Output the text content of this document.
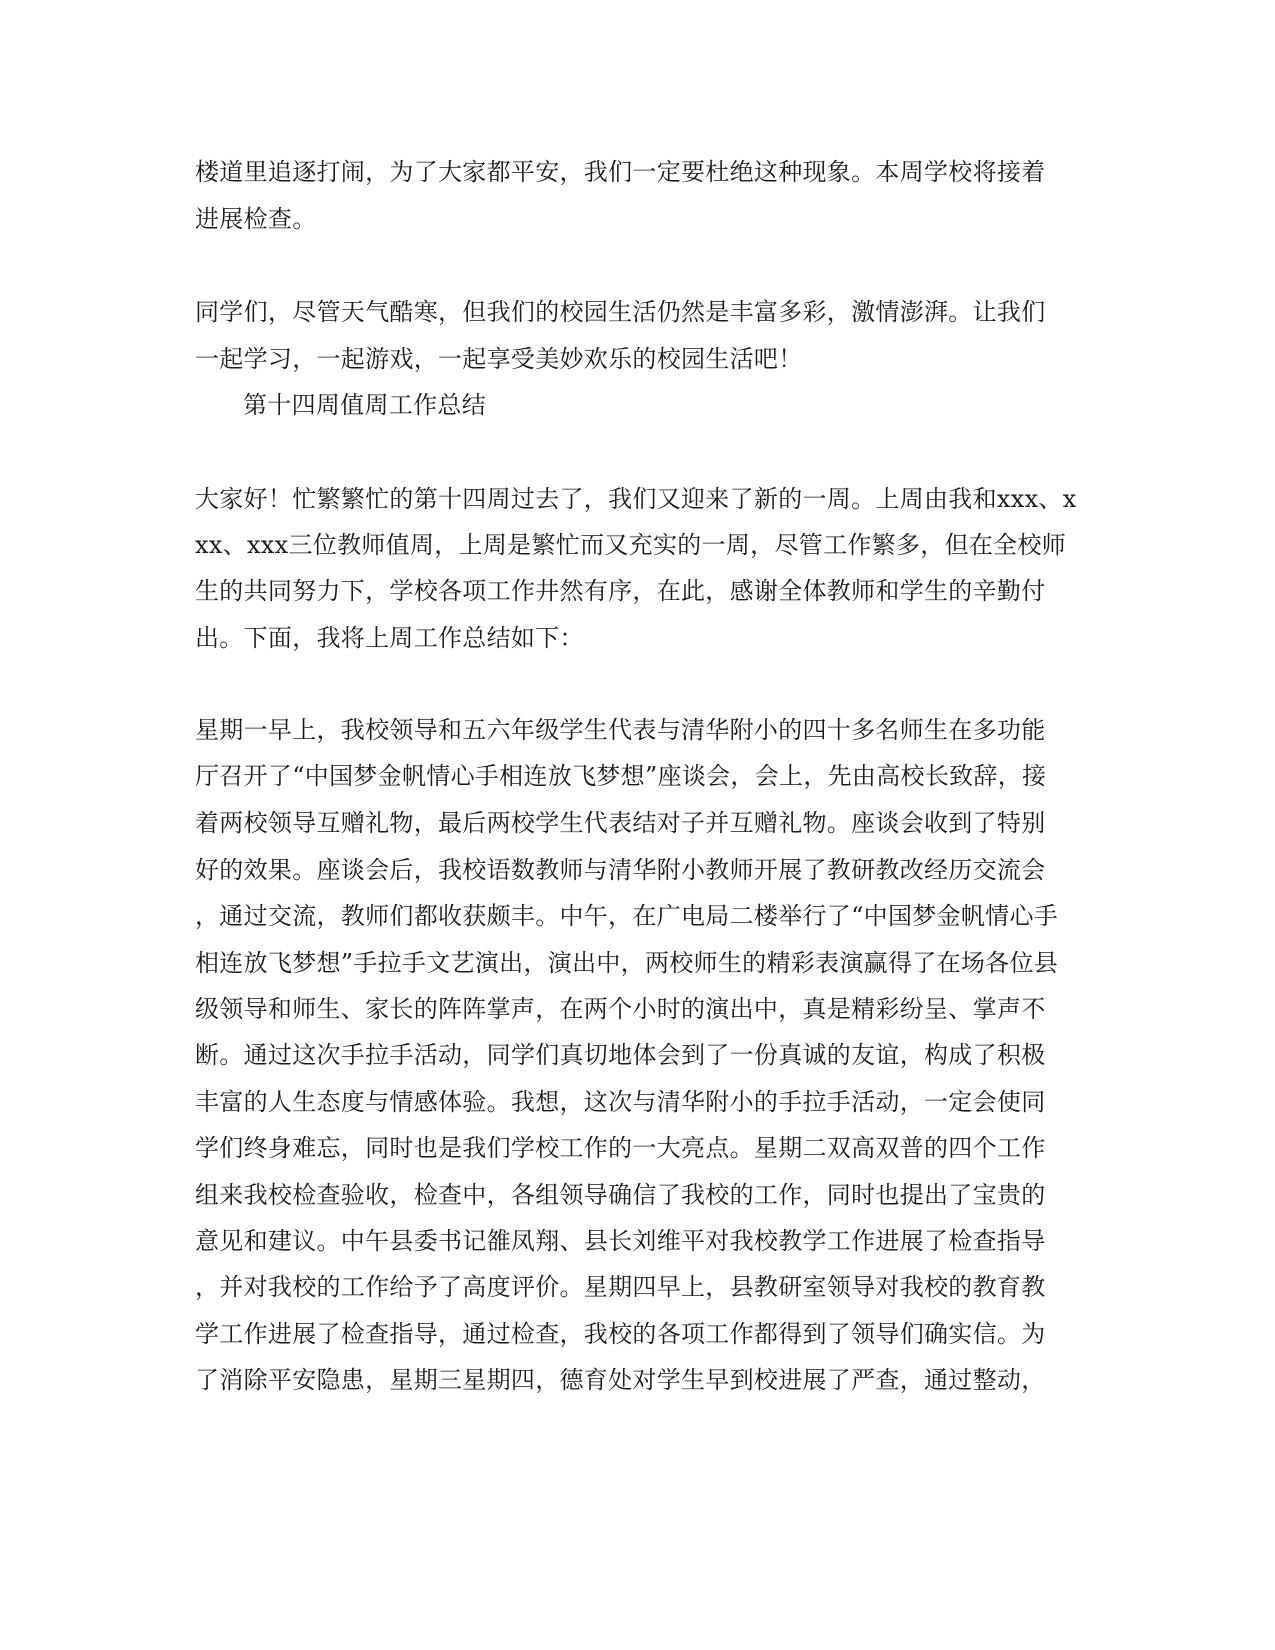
楼道里追逐打闹，为了大家都平安，我们一定要杜绝这种现象。本周学校将接着
进展检查。
同学们，尽管天气酷寒，但我们的校园生活仍然是丰富多彩，激情澎湃。让我们
一起学习，一起游戏，一起享受美妙欢乐的校园生活吧！
第十四周值周工作总结
大家好！忙繁繁忙的第十四周过去了，我们又迎来了新的一周。上周由我和xxx、x
xx、xxx三位教师值周，上周是繁忙而又充实的一周，尽管工作繁多，但在全校师
生的共同努力下，学校各项工作井然有序，在此，感谢全体教师和学生的辛勤付
出。下面，我将上周工作总结如下：
星期一早上，我校领导和五六年级学生代表与清华附小的四十多名师生在多功能
厅召开了“中国梦金帆情心手相连放飞梦想”座谈会，会上，先由高校长致辞，接
着两校领导互赠礼物，最后两校学生代表结对子并互赠礼物。座谈会收到了特别
好的效果。座谈会后，我校语数教师与清华附小教师开展了教研教改经历交流会
，通过交流，教师们都收获颇丰。中午，在广电局二楼举行了“中国梦金帆情心手
相连放飞梦想”手拉手文艺演出，演出中，两校师生的精彩表演赢得了在场各位县
级领导和师生、家长的阵阵掌声，在两个小时的演出中，真是精彩纷呈、掌声不
断。通过这次手拉手活动，同学们真切地体会到了一份真诚的友谊，构成了积极
丰富的人生态度与情感体验。我想，这次与清华附小的手拉手活动，一定会使同
学们终身难忘，同时也是我们学校工作的一大亮点。星期二双高双普的四个工作
组来我校检查验收，检查中，各组领导确信了我校的工作，同时也提出了宝贵的
意见和建议。中午县委书记雒凤翔、县长刘维平对我校教学工作进展了检查指导
，并对我校的工作给予了高度评价。星期四早上，县教研室领导对我校的教育教
学工作进展了检查指导，通过检查，我校的各项工作都得到了领导们确实信。为
了消除平安隐患，星期三星期四，德育处对学生早到校进展了严查，通过整动，
